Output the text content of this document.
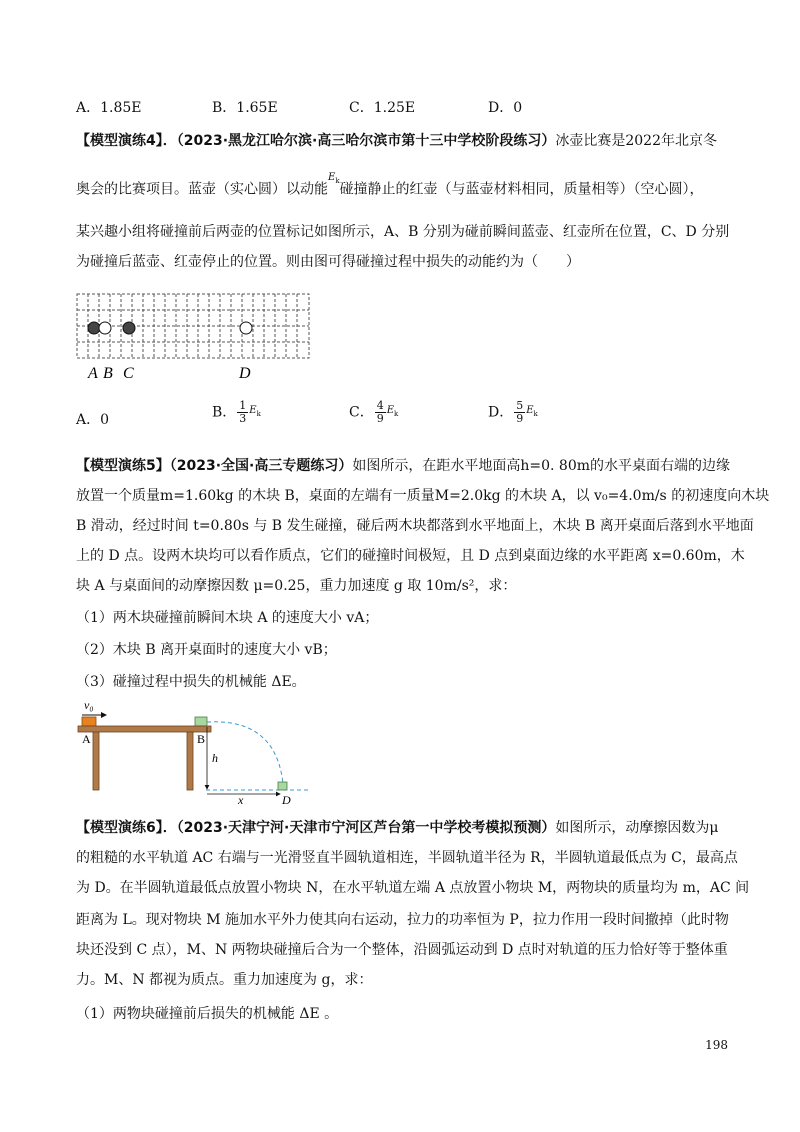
A．1.85E	B．1.65E	C．1.25E	D．0
【模型演练4】．（2023·黑龙江哈尔滨·高三哈尔滨市第十三中学校阶段练习）冰壶比赛是2022年北京冬
奥会的比赛项目。蓝壶（实心圆）以动能$^{E_k}$碰撞静止的红壶（与蓝壶材料相同，质量相等）（空心圆），
某兴趣小组将碰撞前后两壶的位置标记如图所示，A、B 分别为碰前瞬间蓝壶、红壶所在位置，C、D 分别
为碰撞后蓝壶、红壶停止的位置。则由图可得碰撞过程中损失的动能约为（　　）
A B C	D
A．0	B． $\frac{1}{3} E_k$	C． $\frac{4}{9} E_k$	D． $\frac{5}{9} E_k$
【模型演练5】（2023·全国·高三专题练习）如图所示，在距水平地面高h=0. 80m的水平桌面右端的边缘
放置一个质量m=1.60kg 的木块 B，桌面的左端有一质量M=2.0kg 的木块 A，以 v₀=4.0m/s 的初速度向木块
B 滑动，经过时间 t=0.80s 与 B 发生碰撞，碰后两木块都落到水平地面上，木块 B 离开桌面后落到水平地面
上的 D 点。设两木块均可以看作质点，它们的碰撞时间极短，且 D 点到桌面边缘的水平距离 x=0.60m，木
块 A 与桌面间的动摩擦因数 μ=0.25，重力加速度 g 取 10m/s²，求：
（1）两木块碰撞前瞬间木块 A 的速度大小 vA；
（2）木块 B 离开桌面时的速度大小 vB；
（3）碰撞过程中损失的机械能 ΔE。
v₀
A	B
h
x	D
【模型演练6】．（2023·天津宁河·天津市宁河区芦台第一中学校考模拟预测）如图所示，动摩擦因数为μ
的粗糙的水平轨道 AC 右端与一光滑竖直半圆轨道相连，半圆轨道半径为 R，半圆轨道最低点为 C，最高点
为 D。在半圆轨道最低点放置小物块 N，在水平轨道左端 A 点放置小物块 M，两物块的质量均为 m，AC 间
距离为 L。现对物块 M 施加水平外力使其向右运动，拉力的功率恒为 P，拉力作用一段时间撤掉（此时物
块还没到 C 点），M、N 两物块碰撞后合为一个整体，沿圆弧运动到 D 点时对轨道的压力恰好等于整体重
力。M、N 都视为质点。重力加速度为 g，求：
（1）两物块碰撞前后损失的机械能 ΔE 。
198
